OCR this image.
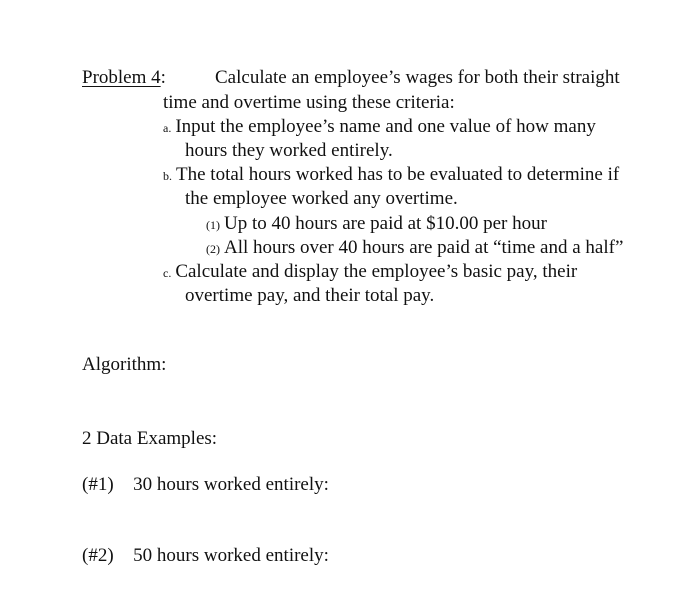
Problem 4:	Calculate an employee’s wages for both their straight
time and overtime using these criteria:
a. Input the employee’s name and one value of how many
hours they worked entirely.
b. The total hours worked has to be evaluated to determine if
the employee worked any overtime.
(1) Up to 40 hours are paid at $10.00 per hour
(2) All hours over 40 hours are paid at “time and a half”
c. Calculate and display the employee’s basic pay, their
overtime pay, and their total pay.
Algorithm:
2 Data Examples:
(#1) 30 hours worked entirely:
(#2) 50 hours worked entirely:
